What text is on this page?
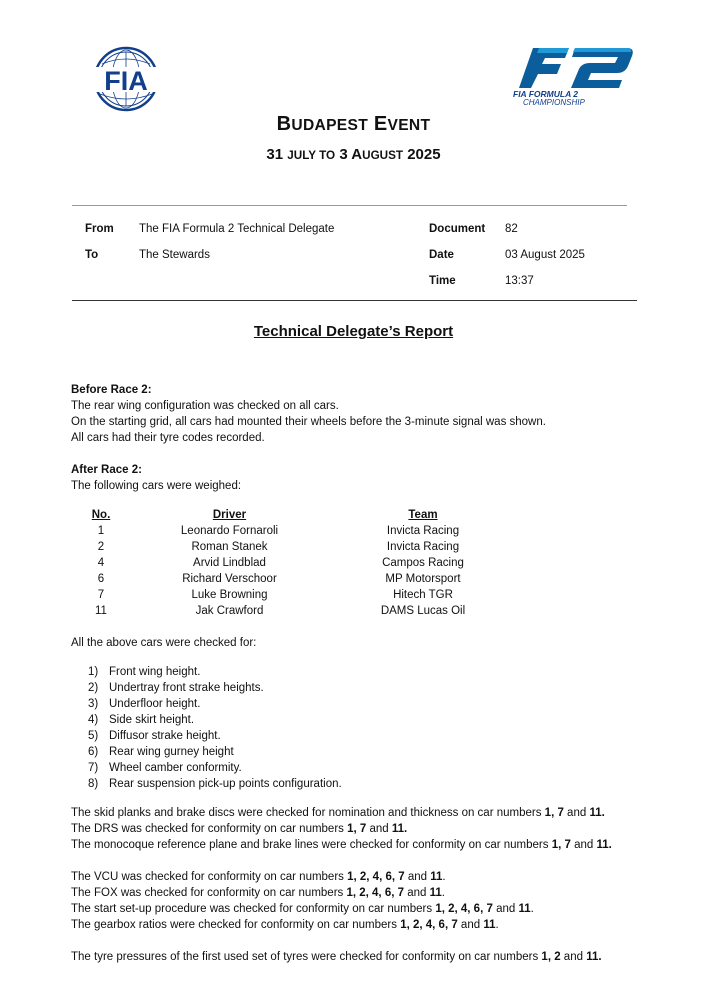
FIA	FIA FORMULA 2
CHAMPIONSHIP
BUDAPEST EVENT
31 JULY TO 3 AUGUST 2025
From The FIA Formula 2 Technical Delegate
To	The Stewards
Document 82
Date	03 August 2025
Time	13:37
Technical Delegate’s Report

Before Race 2:

The rear wing configuration was checked on all cars.

On the starting grid, all cars had mounted their wheels before the 3-minute signal was shown.

All cars had their tyre codes recorded.

After Race 2:

The following cars were weighed:

No.	Driver	Team
1	Leonardo Fornaroli	Invicta Racing
2	Roman Stanek	Invicta Racing
4	Arvid Lindblad	Campos Racing
6	Richard Verschoor	MP Motorsport
7	Luke Browning	Hitech TGR
11	Jak Crawford	DAMS Lucas Oil

All the above cars were checked for:

1) Front wing height.
2) Undertray front strake heights.
3) Underfloor height.
4) Side skirt height.
5) Diffusor strake height.
6) Rear wing gurney height
7) Wheel camber conformity.
8) Rear suspension pick-up points configuration.

The skid planks and brake discs were checked for nomination and thickness on car numbers 1, 7 and 11.

The DRS was checked for conformity on car numbers 1, 7 and 11.

The monocoque reference plane and brake lines were checked for conformity on car numbers 1, 7 and 11.

The VCU was checked for conformity on car numbers 1, 2, 4, 6, 7 and 11.

The FOX was checked for conformity on car numbers 1, 2, 4, 6, 7 and 11.

The start set-up procedure was checked for conformity on car numbers 1, 2, 4, 6, 7 and 11.

The gearbox ratios were checked for conformity on car numbers 1, 2, 4, 6, 7 and 11.

The tyre pressures of the first used set of tyres were checked for conformity on car numbers 1, 2 and 11.
